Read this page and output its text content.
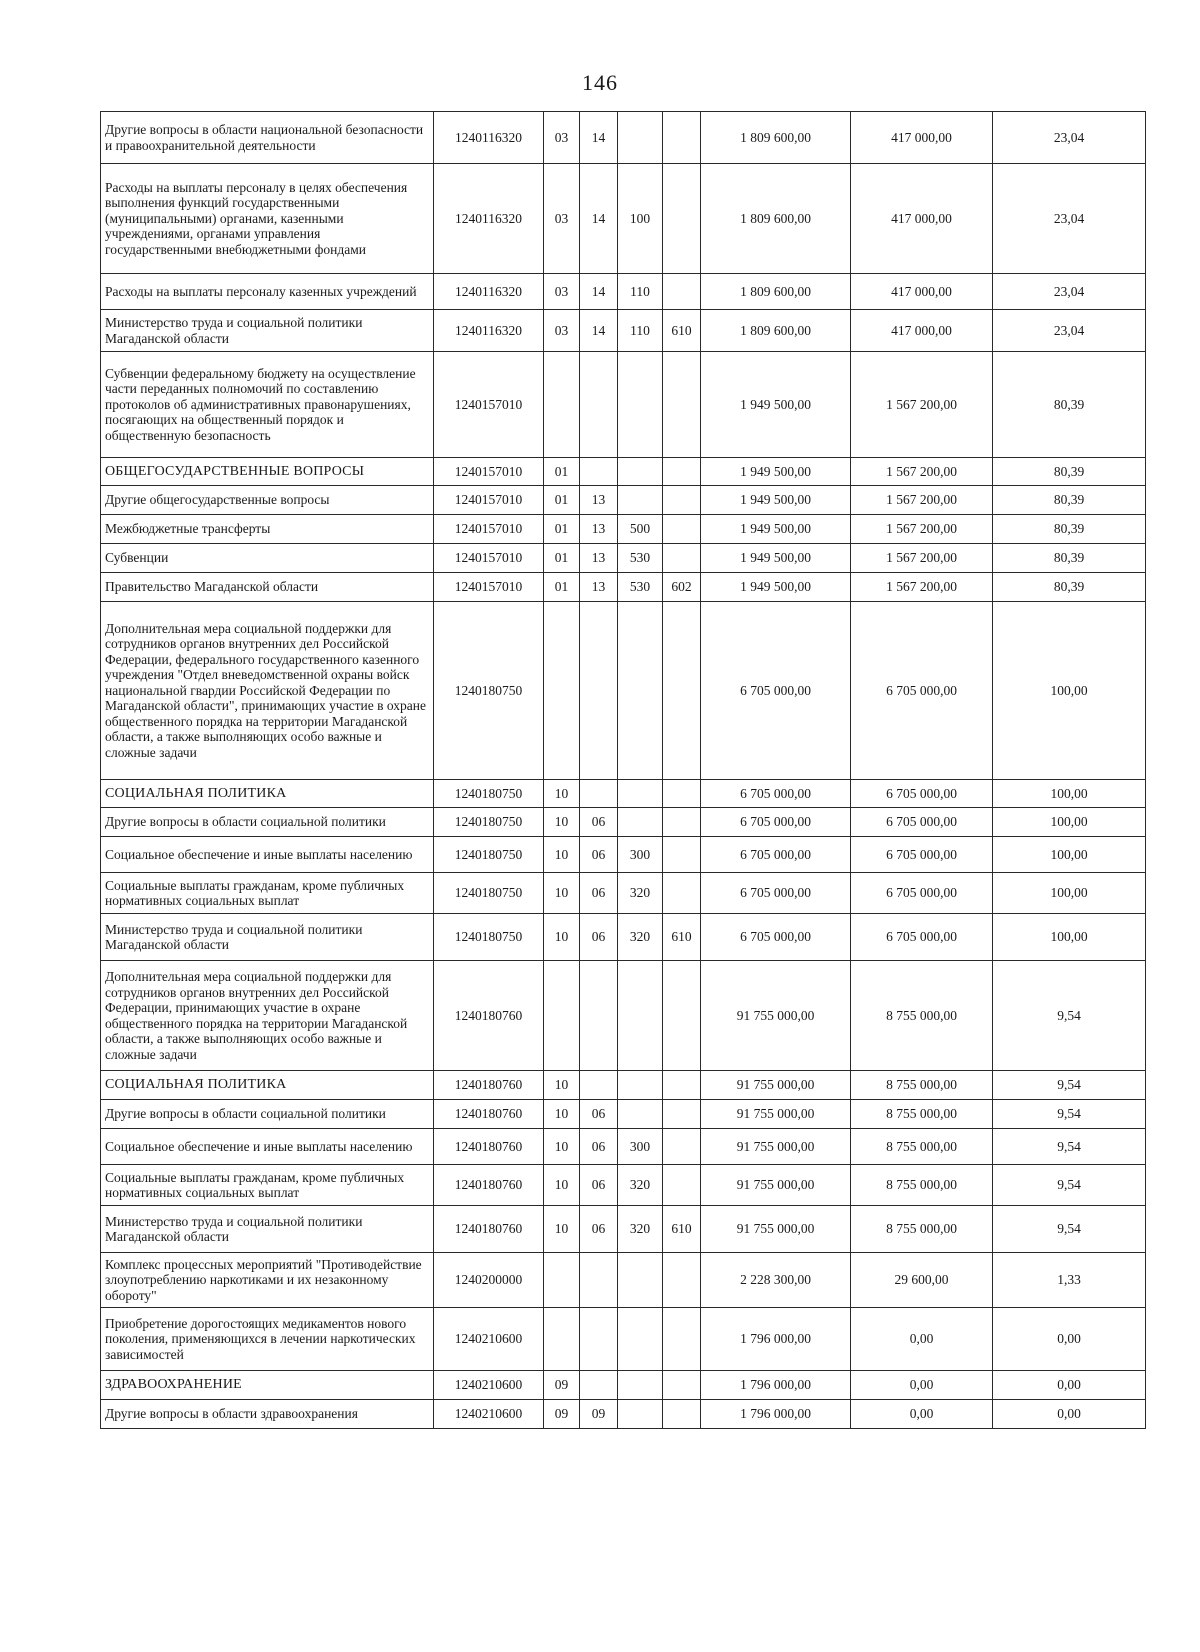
146
Другие вопросы в области национальной безопасности и правоохранительной деятельности	1240116320	03	14			1 809 600,00	417 000,00	23,04
Расходы на выплаты персоналу в целях обеспечения выполнения функций государственными (муниципальными) органами, казенными учреждениями, органами управления государственными внебюджетными фондами	1240116320	03	14	100		1 809 600,00	417 000,00	23,04
Расходы на выплаты персоналу казенных учреждений	1240116320	03	14	110		1 809 600,00	417 000,00	23,04
Министерство труда и социальной политики Магаданской области	1240116320	03	14	110	610	1 809 600,00	417 000,00	23,04
Субвенции федеральному бюджету на осуществление части переданных полномочий по составлению протоколов об административных правонарушениях, посягающих на общественный порядок и общественную безопасность	1240157010					1 949 500,00	1 567 200,00	80,39
ОБЩЕГОСУДАРСТВЕННЫЕ ВОПРОСЫ	1240157010	01				1 949 500,00	1 567 200,00	80,39
Другие общегосударственные вопросы	1240157010	01	13			1 949 500,00	1 567 200,00	80,39
Межбюджетные трансферты	1240157010	01	13	500		1 949 500,00	1 567 200,00	80,39
Субвенции	1240157010	01	13	530		1 949 500,00	1 567 200,00	80,39
Правительство Магаданской области	1240157010	01	13	530	602	1 949 500,00	1 567 200,00	80,39
Дополнительная мера социальной поддержки для сотрудников органов внутренних дел Российской Федерации, федерального государственного казенного учреждения "Отдел вневедомственной охраны войск национальной гвардии Российской Федерации по Магаданской области", принимающих участие в охране общественного порядка на территории Магаданской области, а также выполняющих особо важные и сложные задачи	1240180750					6 705 000,00	6 705 000,00	100,00
СОЦИАЛЬНАЯ ПОЛИТИКА	1240180750	10				6 705 000,00	6 705 000,00	100,00
Другие вопросы в области социальной политики	1240180750	10	06			6 705 000,00	6 705 000,00	100,00
Социальное обеспечение и иные выплаты населению	1240180750	10	06	300		6 705 000,00	6 705 000,00	100,00
Социальные выплаты гражданам, кроме публичных нормативных социальных выплат	1240180750	10	06	320		6 705 000,00	6 705 000,00	100,00
Министерство труда и социальной политики Магаданской области	1240180750	10	06	320	610	6 705 000,00	6 705 000,00	100,00
Дополнительная мера социальной поддержки для сотрудников органов внутренних дел Российской Федерации, принимающих участие в охране общественного порядка на территории Магаданской области, а также выполняющих особо важные и сложные задачи	1240180760					91 755 000,00	8 755 000,00	9,54
СОЦИАЛЬНАЯ ПОЛИТИКА	1240180760	10				91 755 000,00	8 755 000,00	9,54
Другие вопросы в области социальной политики	1240180760	10	06			91 755 000,00	8 755 000,00	9,54
Социальное обеспечение и иные выплаты населению	1240180760	10	06	300		91 755 000,00	8 755 000,00	9,54
Социальные выплаты гражданам, кроме публичных нормативных социальных выплат	1240180760	10	06	320		91 755 000,00	8 755 000,00	9,54
Министерство труда и социальной политики Магаданской области	1240180760	10	06	320	610	91 755 000,00	8 755 000,00	9,54
Комплекс процессных мероприятий "Противодействие злоупотреблению наркотиками и их незаконному обороту"	1240200000					2 228 300,00	29 600,00	1,33
Приобретение дорогостоящих медикаментов нового поколения, применяющихся в лечении наркотических зависимостей	1240210600					1 796 000,00	0,00	0,00
ЗДРАВООХРАНЕНИЕ	1240210600	09				1 796 000,00	0,00	0,00
Другие вопросы в области здравоохранения	1240210600	09	09			1 796 000,00	0,00	0,00
